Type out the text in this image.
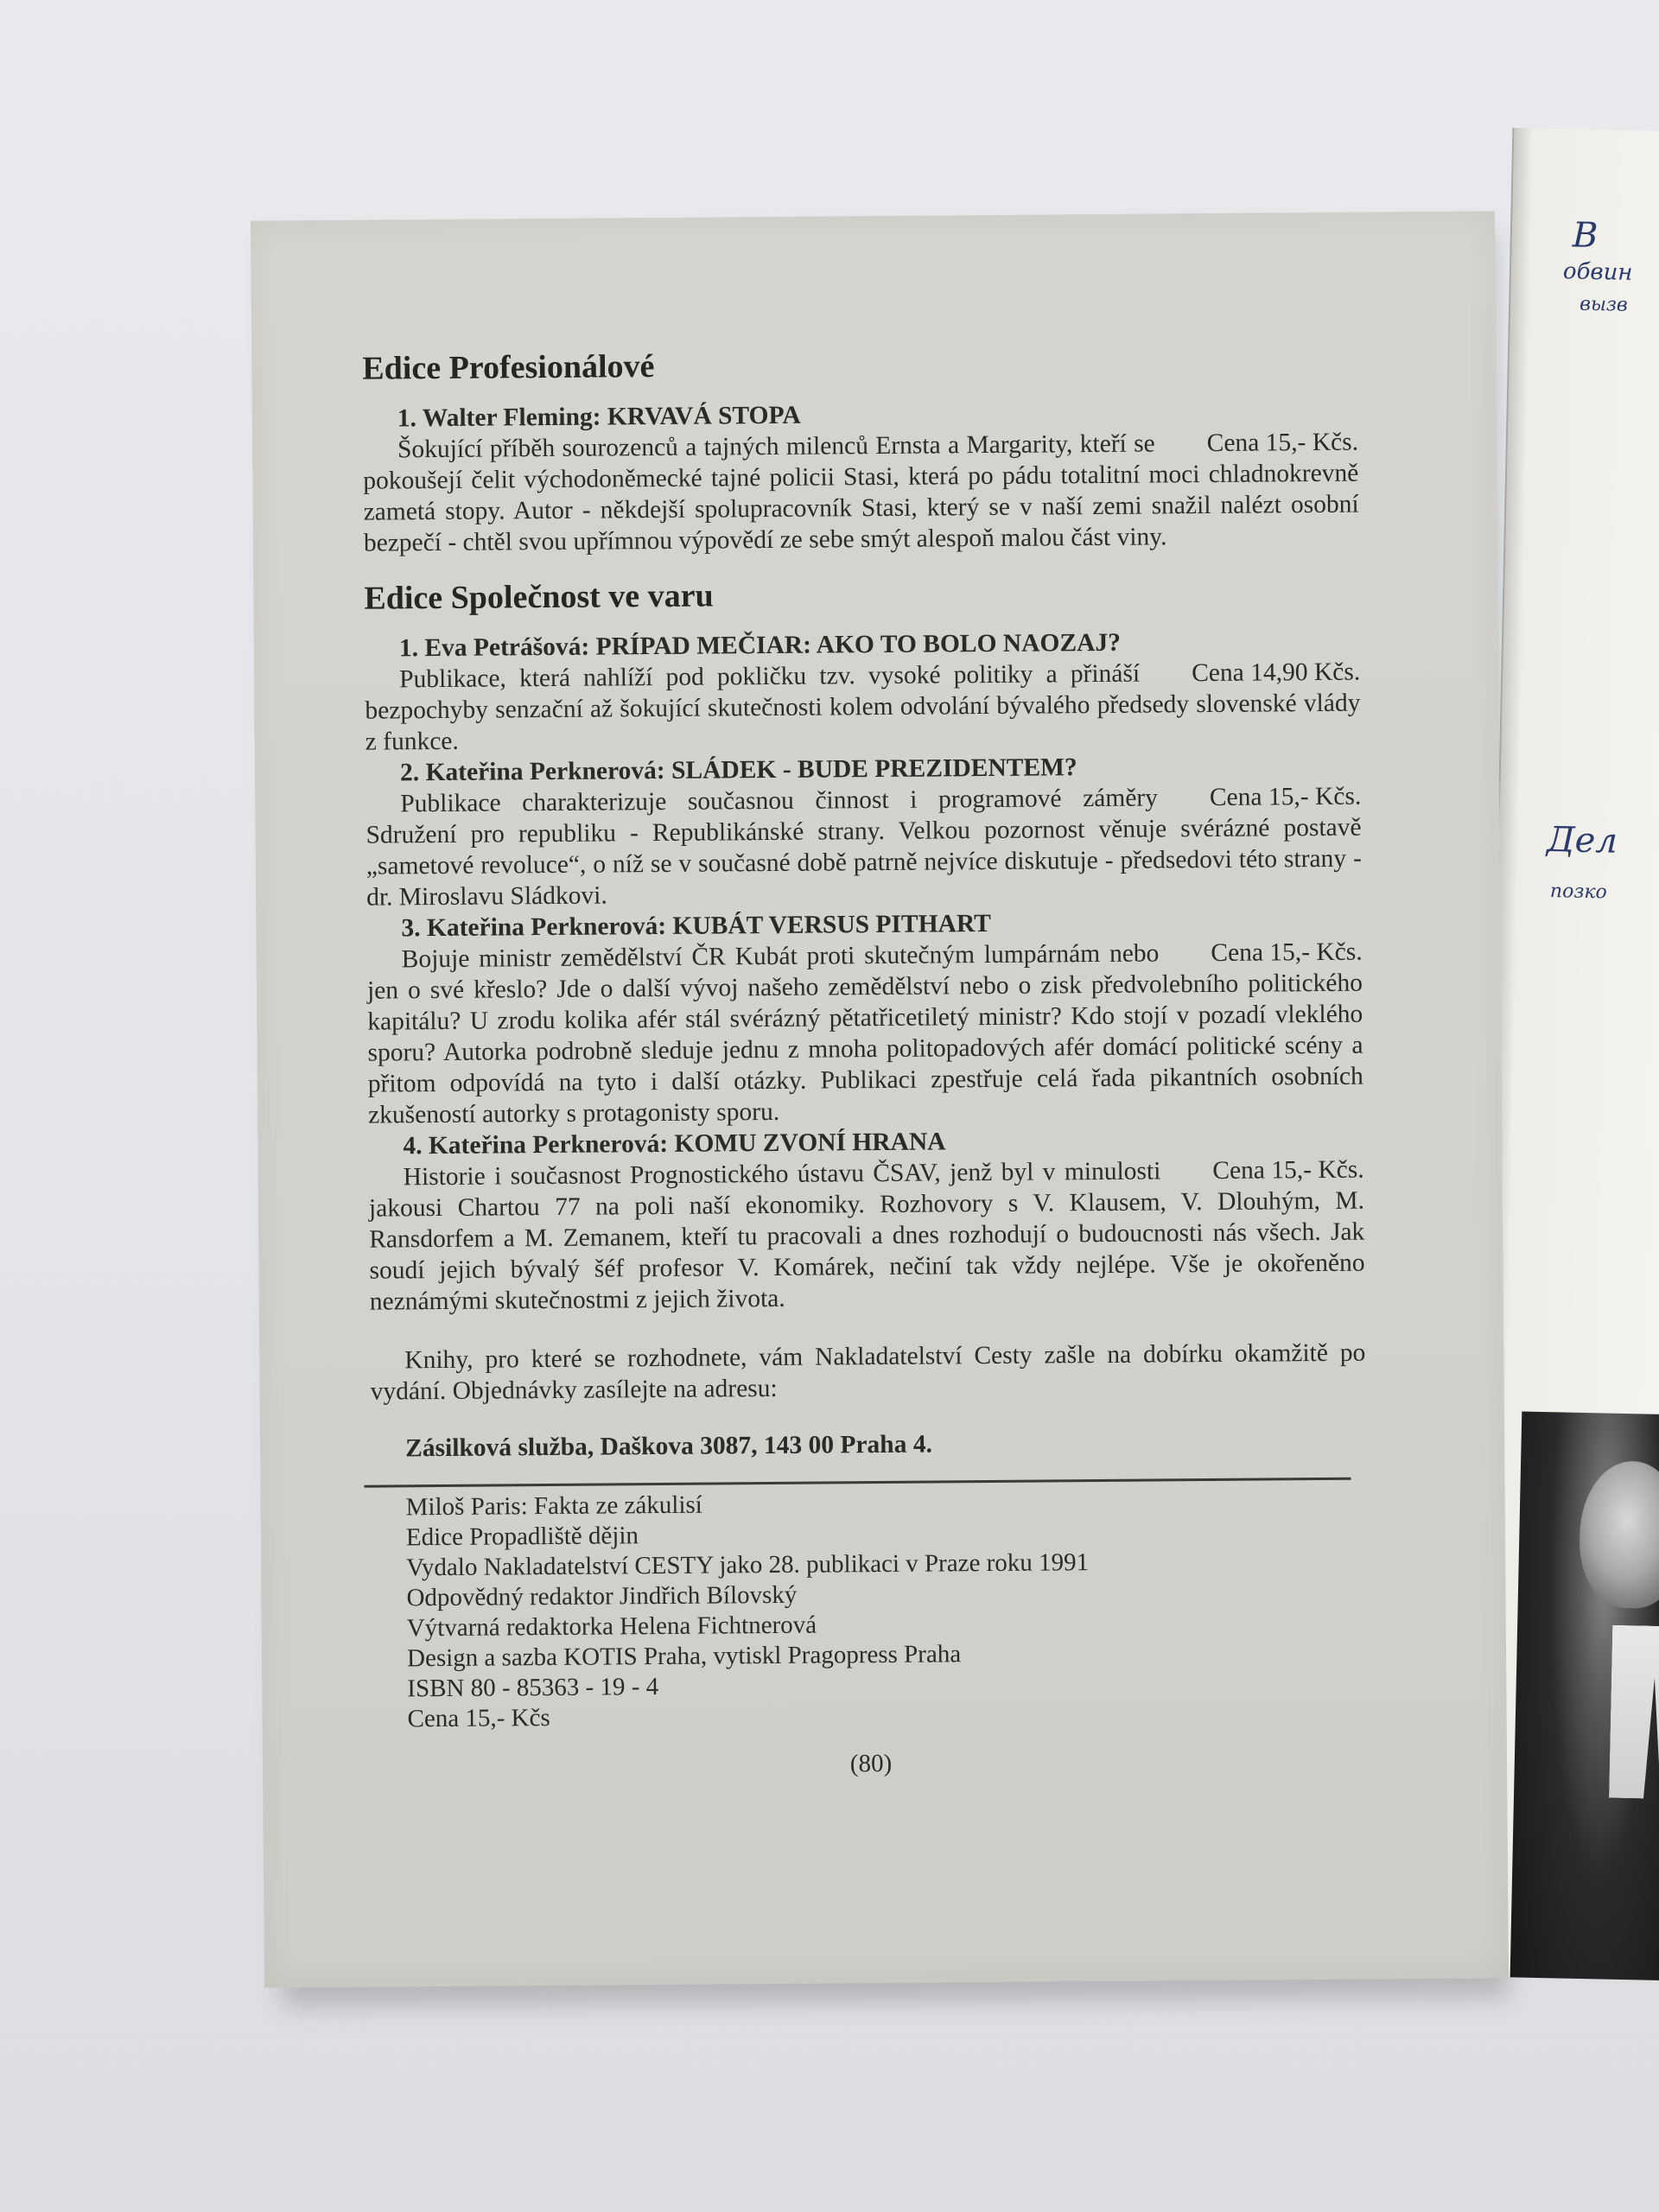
В
обвин
вызв
Дел
позко
Edice Profesionálové

1. Walter Fleming: KRVAVÁ STOPA

Cena 15,- Kčs.
Šokující příběh sourozenců a tajných milenců Ernsta a Margarity, kteří se pokoušejí čelit východoněmecké tajné policii Stasi, která po pádu totalitní moci chladnokrevně zametá stopy. Autor - někdejší spolupracovník Stasi, který se v naší zemi snažil nalézt osobní bezpečí - chtěl svou upřímnou výpovědí ze sebe smýt alespoň malou část viny.

Edice Společnost ve varu

1. Eva Petrášová: PRÍPAD MEČIAR: AKO TO BOLO NAOZAJ?

Cena 14,90 Kčs.
Publikace, která nahlíží pod pokličku tzv. vysoké politiky a přináší bezpochyby senzační až šokující skutečnosti kolem odvolání bývalého předsedy slovenské vlády z funkce.

2. Kateřina Perknerová: SLÁDEK - BUDE PREZIDENTEM?

Cena 15,- Kčs.
Publikace charakterizuje současnou činnost i programové záměry Sdružení pro republiku - Republikánské strany. Velkou pozornost věnuje svérázné postavě „sametové revoluce“, o níž se v současné době patrně nejvíce diskutuje - předsedovi této strany - dr. Miroslavu Sládkovi.

3. Kateřina Perknerová: KUBÁT VERSUS PITHART

Cena 15,- Kčs.
Bojuje ministr zemědělství ČR Kubát proti skutečným lumpárnám nebo jen o své křeslo? Jde o další vývoj našeho zemědělství nebo o zisk předvolebního politického kapitálu? U zrodu kolika afér stál svérázný pětatřicetiletý ministr? Kdo stojí v pozadí vleklého sporu? Autorka podrobně sleduje jednu z mnoha politopadových afér domácí politické scény a přitom odpovídá na tyto i další otázky. Publikaci zpestřuje celá řada pikantních osobních zkušeností autorky s protagonisty sporu.

4. Kateřina Perknerová: KOMU ZVONÍ HRANA

Cena 15,- Kčs.
Historie i současnost Prognostického ústavu ČSAV, jenž byl v minulosti jakousi Chartou 77 na poli naší ekonomiky. Rozhovory s V. Klausem, V. Dlouhým, M. Ransdorfem a M. Zemanem, kteří tu pracovali a dnes rozhodují o budoucnosti nás všech. Jak soudí jejich bývalý šéf profesor V. Komárek, nečiní tak vždy nejlépe. Vše je okořeněno neznámými skutečnostmi z jejich života.

Knihy, pro které se rozhodnete, vám Nakladatelství Cesty zašle na dobírku okamžitě po vydání. Objednávky zasílejte na adresu:

Zásilková služba, Daškova 3087, 143 00 Praha 4.
Miloš Paris: Fakta ze zákulisí
Edice Propadliště dějin
Vydalo Nakladatelství CESTY jako 28. publikaci v Praze roku 1991
Odpovědný redaktor Jindřich Bílovský
Výtvarná redaktorka Helena Fichtnerová
Design a sazba KOTIS Praha, vytiskl Pragopress Praha
ISBN 80 - 85363 - 19 - 4
Cena 15,- Kčs
(80)
